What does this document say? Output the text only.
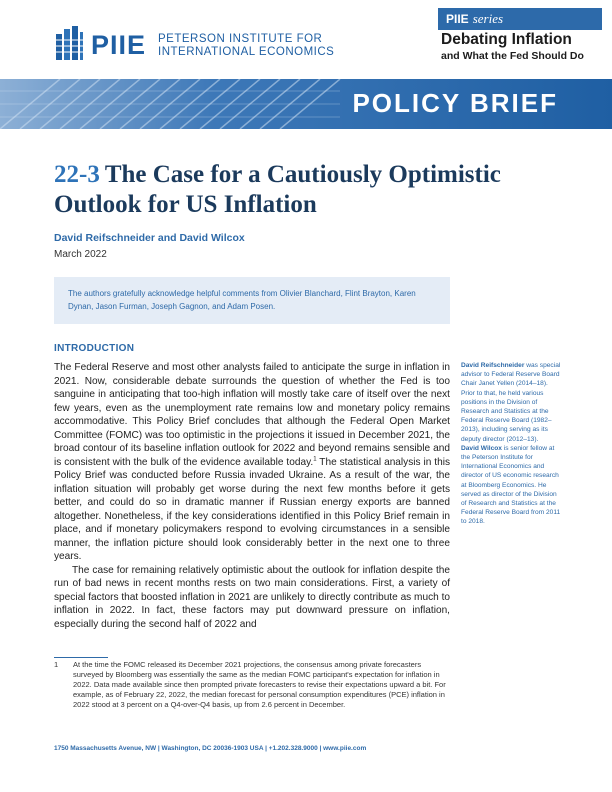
PIIE PETERSON INSTITUTE FOR
INTERNATIONAL ECONOMICS
PIIE series
Debating Inflation
and What the Fed Should Do
POLICY BRIEF
22-3 The Case for a Cautiously Optimistic Outlook for US Inflation
David Reifschneider and David Wilcox
March 2022
The authors gratefully acknowledge helpful comments from Olivier Blanchard, Flint Brayton, Karen Dynan, Jason Furman, Joseph Gagnon, and Adam Posen.
INTRODUCTION

The Federal Reserve and most other analysts failed to anticipate the surge in inflation in 2021. Now, considerable debate surrounds the question of whether the Fed is too sanguine in anticipating that too-high inflation will mostly take care of itself over the next few years, even as the unemployment rate remains low and monetary policy remains accommodative. This Policy Brief concludes that although the Federal Open Market Committee (FOMC) was too optimistic in the projections it issued in December 2021, the broad contour of its baseline inflation outlook for 2022 and beyond remains sensible and is consistent with the bulk of the evidence available today.$^1$ The statistical analysis in this Policy Brief was conducted before Russia invaded Ukraine. As a result of the war, the inflation situation will probably get worse during the next few months before it gets better, and could do so in dramatic manner if Russian energy exports are banned altogether. Nonetheless, if the key considerations identified in this Policy Brief remain in place, and if monetary policymakers respond to evolving circumstances in a sensible manner, the inflation picture should look considerably better in the next one to three years.

The case for remaining relatively optimistic about the outlook for inflation despite the run of bad news in recent months rests on two main considerations. First, a variety of special factors that boosted inflation in 2021 are unlikely to directly contribute as much to inflation in 2022. In fact, these factors may put downward pressure on inflation, especially during the second half of 2022 and

David Reifschneider was special advisor to Federal Reserve Board Chair Janet Yellen (2014–18). Prior to that, he held various positions in the Division of Research and Statistics at the Federal Reserve Board (1982–2013), including serving as its deputy director (2012–13).

David Wilcox is senior fellow at the Peterson Institute for International Economics and director of US economic research at Bloomberg Economics. He served as director of the Division of Research and Statistics at the Federal Reserve Board from 2011 to 2018.

1 At the time the FOMC released its December 2021 projections, the consensus among private forecasters surveyed by Bloomberg was essentially the same as the median FOMC participant's expectation for inflation in 2022. Data made available since then prompted private forecasters to revise their expectations upward a bit. For example, as of February 22, 2022, the median forecast for personal consumption expenditures (PCE) inflation in 2022 stood at 3 percent on a Q4-over-Q4 basis, up from 2.6 percent in December.
1750 Massachusetts Avenue, NW | Washington, DC 20036-1903 USA | +1.202.328.9000 | www.piie.com
